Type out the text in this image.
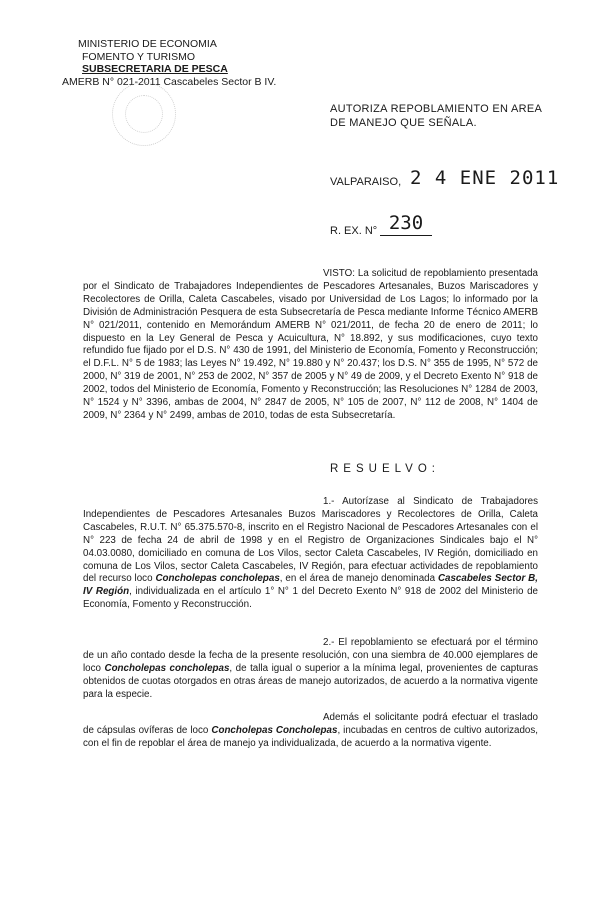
MINISTERIO DE ECONOMIA
FOMENTO Y TURISMO
SUBSECRETARIA DE PESCA
AMERB N° 021-2011 Cascabeles Sector B IV.
AUTORIZA REPOBLAMIENTO EN AREA
DE MANEJO QUE SEÑALA.
VALPARAISO, 2 4 ENE 2011
R. EX. N° 230
VISTO: La solicitud de repoblamiento presentada por el Sindicato de Trabajadores Independientes de Pescadores Artesanales, Buzos Mariscadores y Recolectores de Orilla, Caleta Cascabeles, visado por Universidad de Los Lagos; lo informado por la División de Administración Pesquera de esta Subsecretaría de Pesca mediante Informe Técnico AMERB N° 021/2011, contenido en Memorándum AMERB N° 021/2011, de fecha 20 de enero de 2011; lo dispuesto en la Ley General de Pesca y Acuicultura, N° 18.892, y sus modificaciones, cuyo texto refundido fue fijado por el D.S. N° 430 de 1991, del Ministerio de Economía, Fomento y Reconstrucción; el D.F.L. N° 5 de 1983; las Leyes N° 19.492, N° 19.880 y N° 20.437; los D.S. N° 355 de 1995, N° 572 de 2000, N° 319 de 2001, N° 253 de 2002, N° 357 de 2005 y N° 49 de 2009, y el Decreto Exento N° 918 de 2002, todos del Ministerio de Economía, Fomento y Reconstrucción; las Resoluciones N° 1284 de 2003, N° 1524 y N° 3396, ambas de 2004, N° 2847 de 2005, N° 105 de 2007, N° 112 de 2008, N° 1404 de 2009, N° 2364 y N° 2499, ambas de 2010, todas de esta Subsecretaría.
RESUELVO:
1.- Autorízase al Sindicato de Trabajadores Independientes de Pescadores Artesanales Buzos Mariscadores y Recolectores de Orilla, Caleta Cascabeles, R.U.T. N° 65.375.570-8, inscrito en el Registro Nacional de Pescadores Artesanales con el N° 223 de fecha 24 de abril de 1998 y en el Registro de Organizaciones Sindicales bajo el N° 04.03.0080, domiciliado en comuna de Los Vilos, sector Caleta Cascabeles, IV Región, domiciliado en comuna de Los Vilos, sector Caleta Cascabeles, IV Región, para efectuar actividades de repoblamiento del recurso loco Concholepas concholepas, en el área de manejo denominada Cascabeles Sector B, IV Región, individualizada en el artículo 1° N° 1 del Decreto Exento N° 918 de 2002 del Ministerio de Economía, Fomento y Reconstrucción.
2.- El repoblamiento se efectuará por el término de un año contado desde la fecha de la presente resolución, con una siembra de 40.000 ejemplares de loco Concholepas concholepas, de talla igual o superior a la mínima legal, provenientes de capturas obtenidos de cuotas otorgados en otras áreas de manejo autorizados, de acuerdo a la normativa vigente para la especie.
Además el solicitante podrá efectuar el traslado de cápsulas ovíferas de loco Concholepas Concholepas, incubadas en centros de cultivo autorizados, con el fin de repoblar el área de manejo ya individualizada, de acuerdo a la normativa vigente.
